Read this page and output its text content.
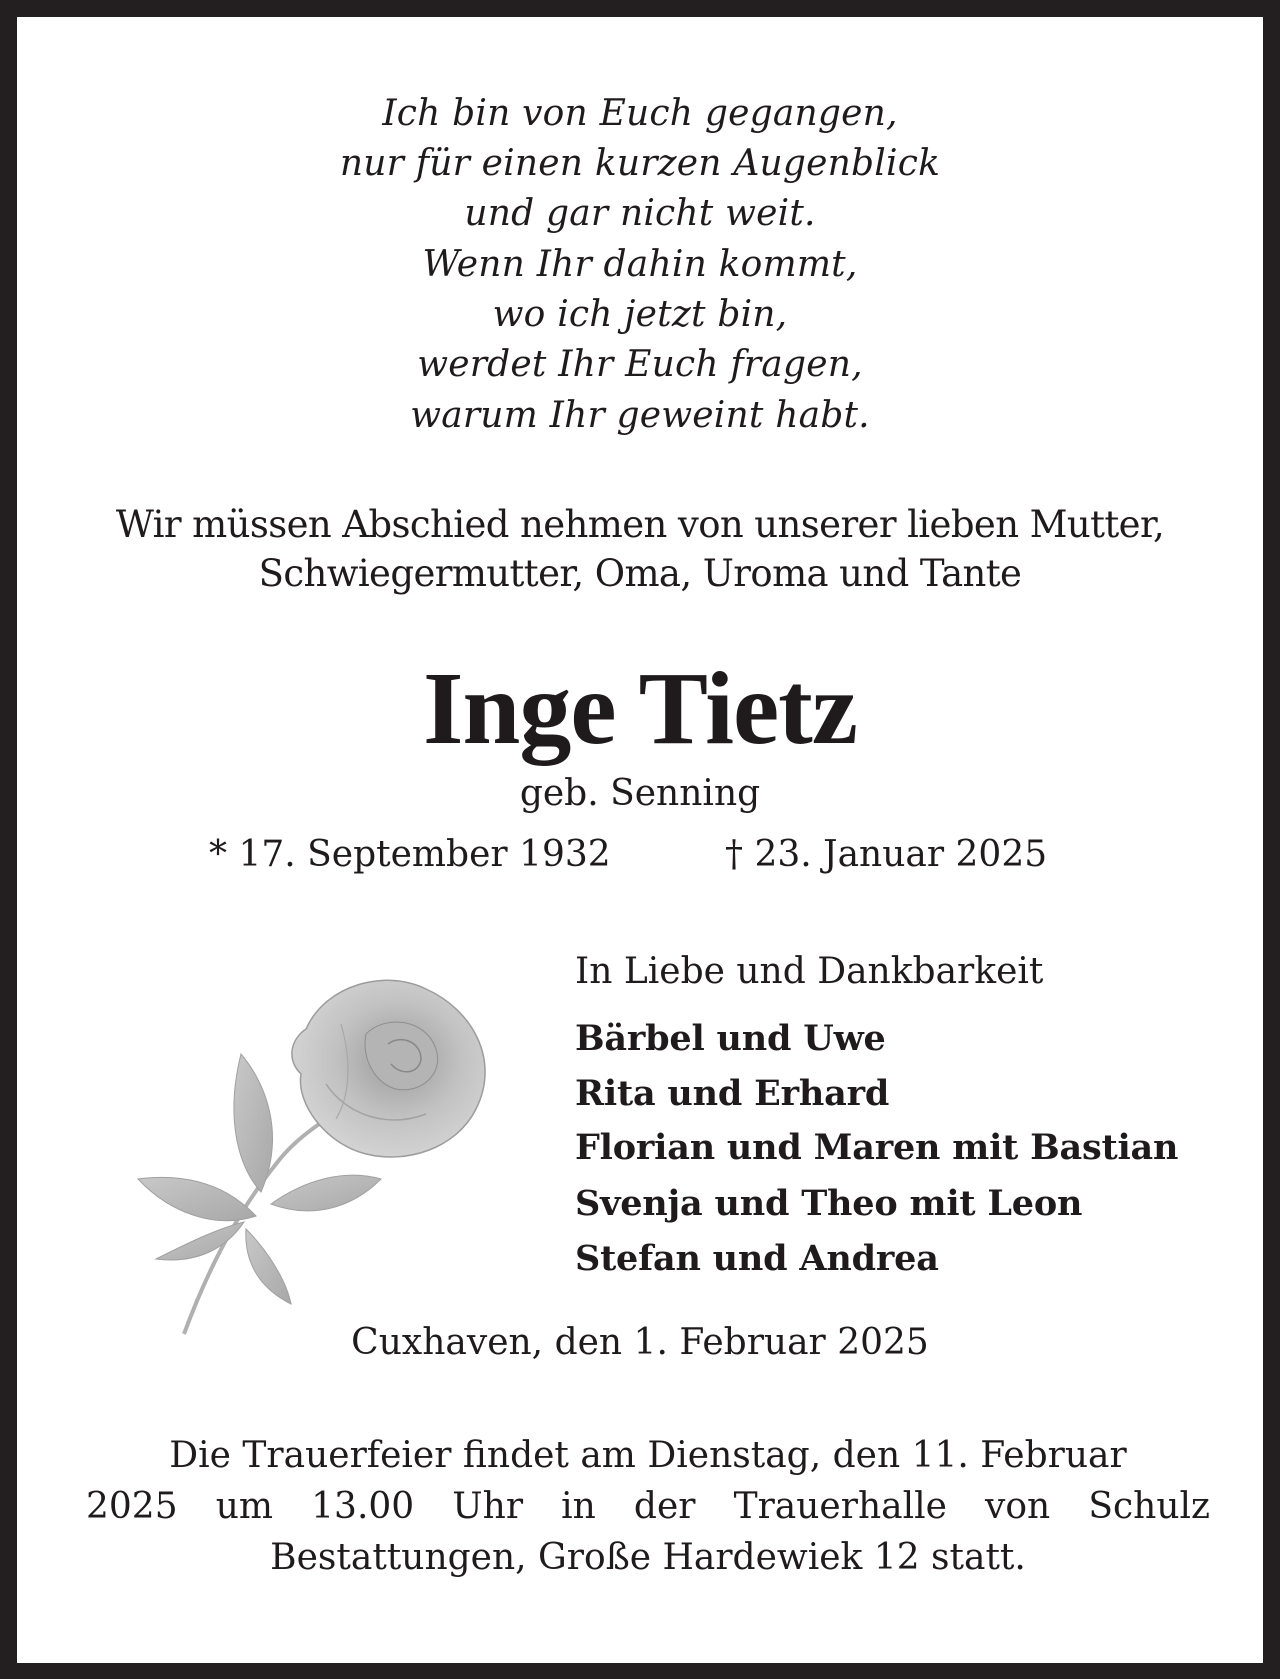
Ich bin von Euch gegangen,
nur für einen kurzen Augenblick
und gar nicht weit.
Wenn Ihr dahin kommt,
wo ich jetzt bin,
werdet Ihr Euch fragen,
warum Ihr geweint habt.
Wir müssen Abschied nehmen von unserer lieben Mutter,
Schwiegermutter, Oma, Uroma und Tante
Inge Tietz
geb. Senning
* 17. September 1932	† 23. Januar 2025
In Liebe und Dankbarkeit
Bärbel und Uwe
Rita und Erhard
Florian und Maren mit Bastian
Svenja und Theo mit Leon
Stefan und Andrea
Cuxhaven, den 1. Februar 2025
Die Trauerfeier findet am Dienstag, den 11. Februar
2025 um 13.00 Uhr in der Trauerhalle von Schulz
Bestattungen, Große Hardewiek 12 statt.
